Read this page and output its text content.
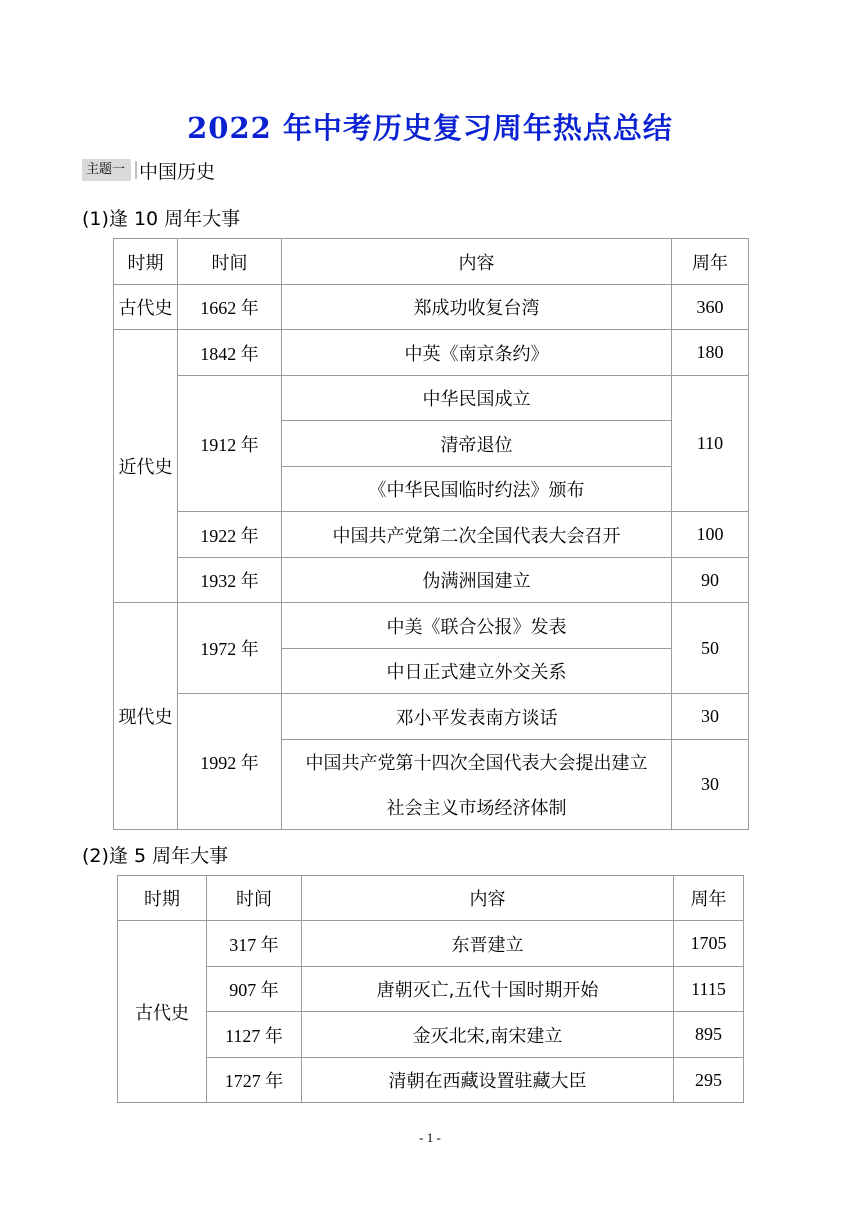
2022 年中考历史复习周年热点总结
主题一 中国历史
(1)逢 10 周年大事
时期	时间	内容	周年
古代史	1662 年	郑成功收复台湾	360
近代史	1842 年	中英《南京条约》	180
	1912 年	中华民国成立	110
		清帝退位	
		《中华民国临时约法》颁布	
	1922 年	中国共产党第二次全国代表大会召开	100
	1932 年	伪满洲国建立	90
现代史	1972 年	中美《联合公报》发表	50
		中日正式建立外交关系	
	1992 年	邓小平发表南方谈话	30
		中国共产党第十四次全国代表大会提出建立	30
		社会主义市场经济体制	
(2)逢 5 周年大事
时期	时间	内容	周年
古代史	317 年	东晋建立	1705
	907 年	唐朝灭亡,五代十国时期开始	1115
	1127 年	金灭北宋,南宋建立	895
	1727 年	清朝在西藏设置驻藏大臣	295
- 1 -
